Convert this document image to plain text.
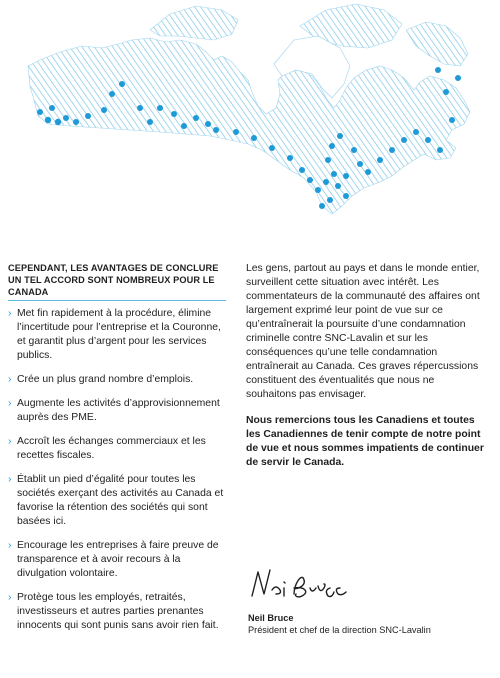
CEPENDANT, LES AVANTAGES DE CONCLURE UN TEL ACCORD SONT NOMBREUX POUR LE CANADA
› Met fin rapidement à la procédure, élimine l’incertitude pour l’entreprise et la Couronne, et garantit plus d’argent pour les services publics.
› Crée un plus grand nombre d’emplois.
› Augmente les activités d’approvisionnement auprès des PME.
› Accroît les échanges commerciaux et les recettes fiscales.
› Établit un pied d’égalité pour toutes les sociétés exerçant des activités au Canada et favorise la rétention des sociétés qui sont basées ici.
› Encourage les entreprises à faire preuve de transparence et à avoir recours à la divulgation volontaire.
› Protège tous les employés, retraités, investisseurs et autres parties prenantes innocents qui sont punis sans avoir rien fait.

Les gens, partout au pays et dans le monde entier, surveillent cette situation avec intérêt. Les commentateurs de la communauté des affaires ont largement exprimé leur point de vue sur ce qu’entraînerait la poursuite d’une condamnation criminelle contre SNC-Lavalin et sur les conséquences qu’une telle condamnation entraînerait au Canada. Ces graves répercussions constituent des éventualités que nous ne souhaitons pas envisager.

Nous remercions tous les Canadiens et toutes les Canadiennes de tenir compte de notre point de vue et nous sommes impatients de continuer de servir le Canada.

Neil Bruce
Président et chef de la direction SNC-Lavalin
